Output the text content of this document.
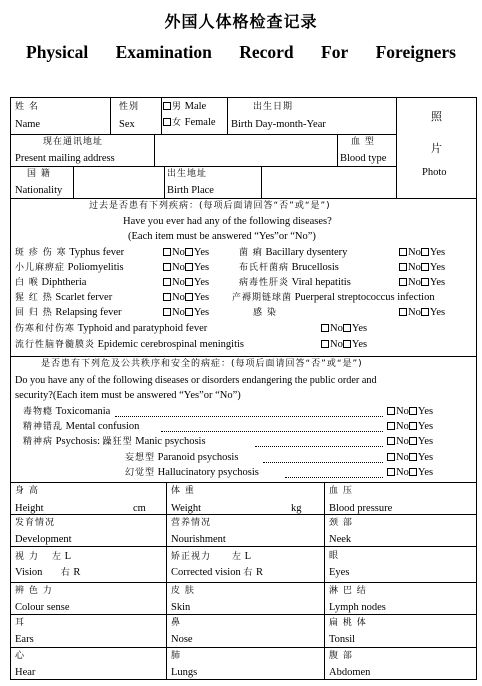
外国人体格检查记录
Physical Examination Record For Foreigners
姓 名
Name
性别
Sex
男 Male
女 Female
出生日期
Birth Day-month-Year
照
片
Photo
现在通讯地址
Present mailing address
血 型
Blood type
国 籍
Nationality
出生地址
Birth Place
过去是否患有下列疾病：(每项后面请回答“否”或“是”)
Have you ever had any of the following diseases?
(Each item must be answered “Yes”or “No”)
斑 疹 伤 寒 Typhus fever
小儿麻痹症 Poliomyelitis
白 喉 Diphtheria
猩 红 热 Scarlet ferver
回 归 热 Relapsing fever
伤寒和付伤寒 Typhoid and paratyphoid fever
流行性脑脊髓膜炎 Epidemic cerebrospinal meningitis
No Yes
No Yes
No Yes
No Yes
No Yes
No Yes
No Yes
菌 痢 Bacillary dysentery
布氏杆菌病 Brucellosis
病毒性肝炎 Viral hepatitis
产褥期链球菌 Puerperal streptococcus infection
感 染
No Yes
No Yes
No Yes
No Yes
是否患有下列危及公共秩序和安全的病症：(每项后面请回答“否”或“是”)
Do you have any of the following diseases or disorders endangering the public order and
security?(Each item must be answered “Yes”or “No”)
毒物瘾 Toxicomania
精神错乱 Mental confusion
精神病 Psychosis: 躁狂型 Manic psychosis
妄想型 Paranoid psychosis
幻觉型 Hallucinatory psychosis
No Yes
No Yes
No Yes
No Yes
No Yes
身 高
Height	cm
体 重
Weight	kg
血 压
Blood pressure
发育情况
Development
营养情况
Nourishment
颈 部
Neek
视 力 左 L
Vision 右 R
矫正视力 左 L
Corrected vision 右 R
眼
Eyes
辨 色 力
Colour sense
皮 肤
Skin
淋 巴 结
Lymph nodes
耳
Ears
鼻
Nose
扁 桃 体
Tonsil
心
Hear
肺
Lungs
腹 部
Abdomen
